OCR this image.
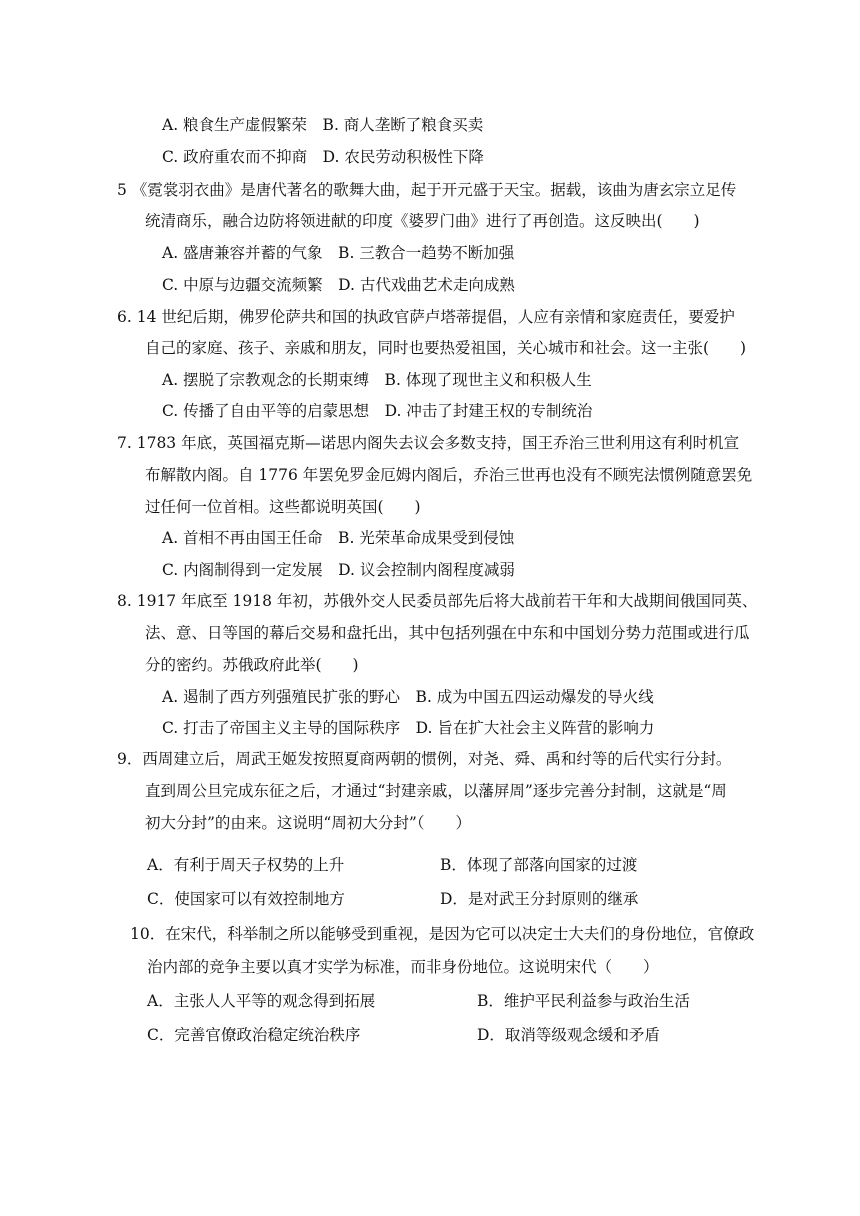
A. 粮食生产虚假繁荣　B. 商人垄断了粮食买卖
C. 政府重农而不抑商　D. 农民劳动积极性下降
5 《霓裳羽衣曲》是唐代著名的歌舞大曲，起于开元盛于天宝。据载，该曲为唐玄宗立足传
统清商乐，融合边防将领进献的印度《婆罗门曲》进行了再创造。这反映出(　　)
A. 盛唐兼容并蓄的气象　B. 三教合一趋势不断加强
C. 中原与边疆交流频繁　D. 古代戏曲艺术走向成熟
6. 14 世纪后期，佛罗伦萨共和国的执政官萨卢塔蒂提倡，人应有亲情和家庭责任，要爱护
自己的家庭、孩子、亲戚和朋友，同时也要热爱祖国，关心城市和社会。这一主张(　　)
A. 摆脱了宗教观念的长期束缚　B. 体现了现世主义和积极人生
C. 传播了自由平等的启蒙思想　D. 冲击了封建王权的专制统治
7. 1783 年底，英国福克斯—诺思内阁失去议会多数支持，国王乔治三世利用这有利时机宣
布解散内阁。自 1776 年罢免罗金厄姆内阁后，乔治三世再也没有不顾宪法惯例随意罢免
过任何一位首相。这些都说明英国(　　)
A. 首相不再由国王任命　B. 光荣革命成果受到侵蚀
C. 内阁制得到一定发展　D. 议会控制内阁程度减弱
8. 1917 年底至 1918 年初，苏俄外交人民委员部先后将大战前若干年和大战期间俄国同英、
法、意、日等国的幕后交易和盘托出，其中包括列强在中东和中国划分势力范围或进行瓜
分的密约。苏俄政府此举(　　)
A. 遏制了西方列强殖民扩张的野心　B. 成为中国五四运动爆发的导火线
C. 打击了帝国主义主导的国际秩序　D. 旨在扩大社会主义阵营的影响力
9．西周建立后，周武王姬发按照夏商两朝的惯例，对尧、舜、禹和纣等的后代实行分封。
直到周公旦完成东征之后，才通过“封建亲戚，以藩屏周”逐步完善分封制，这就是“周
初大分封”的由来。这说明“周初大分封”（　　）
A．有利于周天子权势的上升	B．体现了部落向国家的过渡
C．使国家可以有效控制地方	D．是对武王分封原则的继承
10．在宋代，科举制之所以能够受到重视，是因为它可以决定士大夫们的身份地位，官僚政
治内部的竞争主要以真才实学为标准，而非身份地位。这说明宋代（　　）
A．主张人人平等的观念得到拓展	B．维护平民利益参与政治生活
C．完善官僚政治稳定统治秩序	D．取消等级观念缓和矛盾
